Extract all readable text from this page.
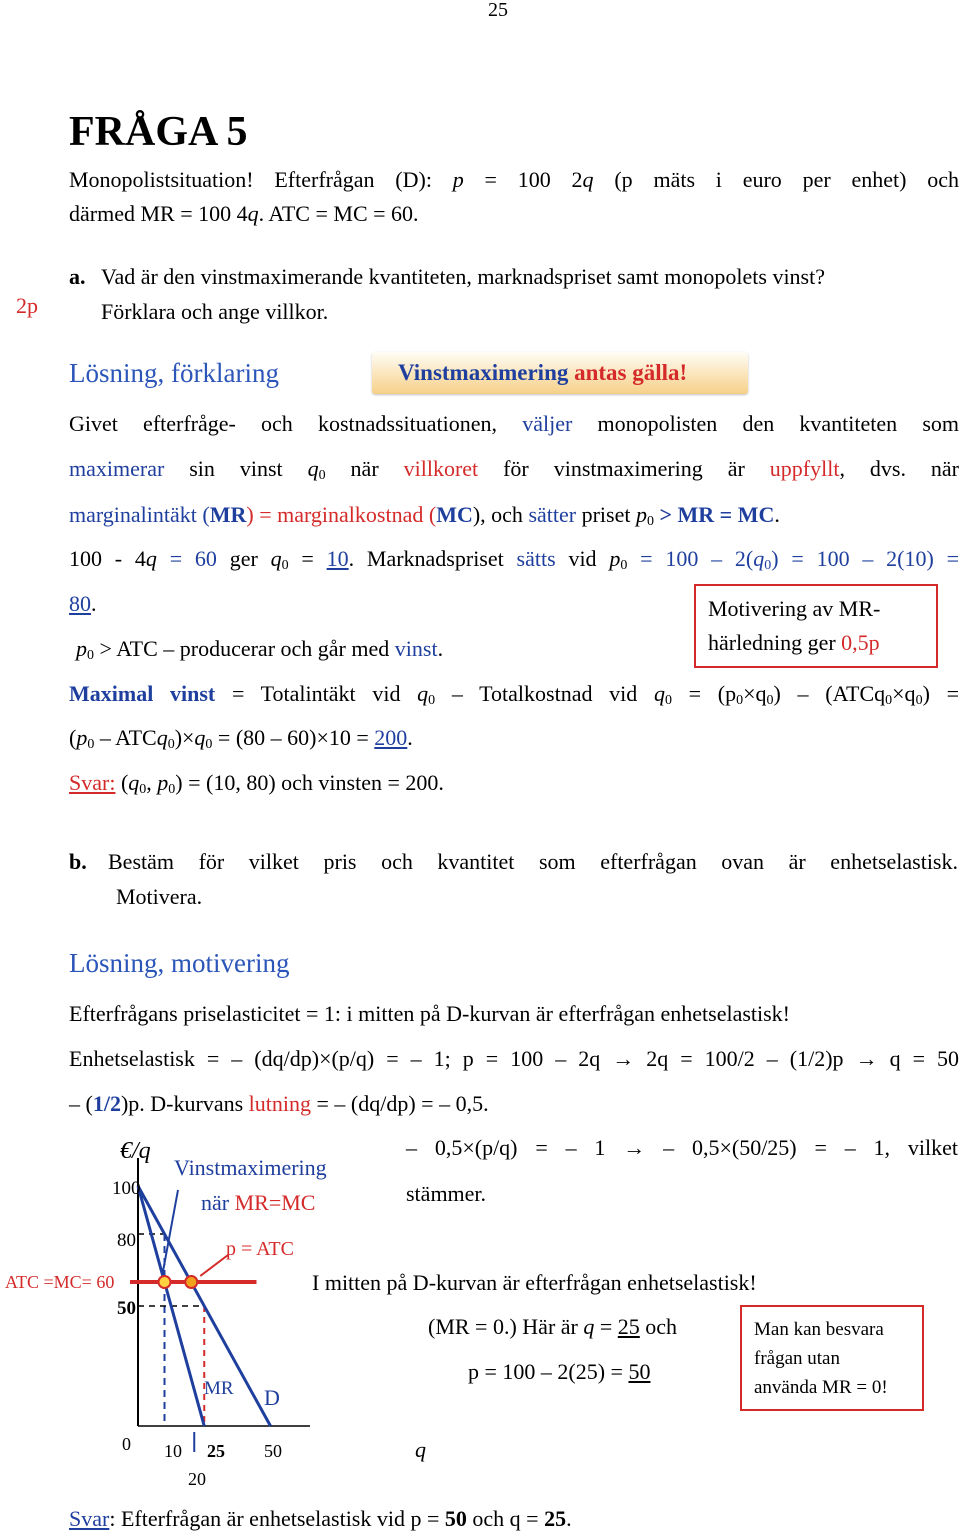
25
FRÅGA 5
Monopolistsituation! Efterfrågan (D): p = 100 2q (p mäts i euro per enhet) och
därmed MR = 100 4q. ATC = MC = 60.
2p
a. Vad är den vinstmaximerande kvantiteten, marknadspriset samt monopolets vinst?
Förklara och ange villkor.
Lösning, förklaring	Vinstmaximering antas gälla!
Givet efterfråge- och kostnadssituationen, väljer monopolisten den kvantiteten som
maximerar sin vinst $q_0$ när villkoret för vinstmaximering är uppfyllt, dvs. när
marginalintäkt (MR) = marginalkostnad (MC), och sätter priset $p_0$ > MR = MC.
100 - 4q = 60 ger $q_0 = 10$. Marknadspriset sätts vid $p_0 = 100 - 2(q_0) = 100 - 2(10)$ =
80.
$p_0$ > ATC – producerar och går med vinst.
Motivering av MR-
härledning ger 0,5p
Maximal vinst = Totalintäkt vid $q_0$ – Totalkostnad vid $q_0 = (p_0\times q_0)$ – $(ATCq_0\times q_0)$ =
($p_0$ – $ATCq_0)\times q_0 = (80 - 60)\times 10 = 200$.
Svar: ($q_0$, $p_0) = (10$, 80) och vinsten = 200.
b. Bestäm för vilket pris och kvantitet som efterfrågan ovan är enhetselastisk.
Motivera.
Lösning, motivering
Efterfrågans priselasticitet = 1: i mitten på D-kurvan är efterfrågan enhetselastisk!
Enhetselastisk = – (dq/dp)×(p/q) = – 1; p = 100 – 2q → 2q = 100/2 – (1/2)p → q = 50
– (1/2)p. D-kurvans lutning = – (dq/dp) = – 0,5.
– 0,5×(p/q) = – 1 → – 0,5×(50/25) = – 1, vilket
stämmer.
€/q
q
Vinstmaximering
när MR=MC
p = ATC
ATC =MC= 60
100
80
50
0 10 25 50
20
MR D
I mitten på D-kurvan är efterfrågan enhetselastisk!
(MR = 0.) Här är q = 25 och
p = 100 – 2(25) = 50
Man kan besvara
frågan utan
använda MR = 0!
Svar: Efterfrågan är enhetselastisk vid p = 50 och q = 25.
